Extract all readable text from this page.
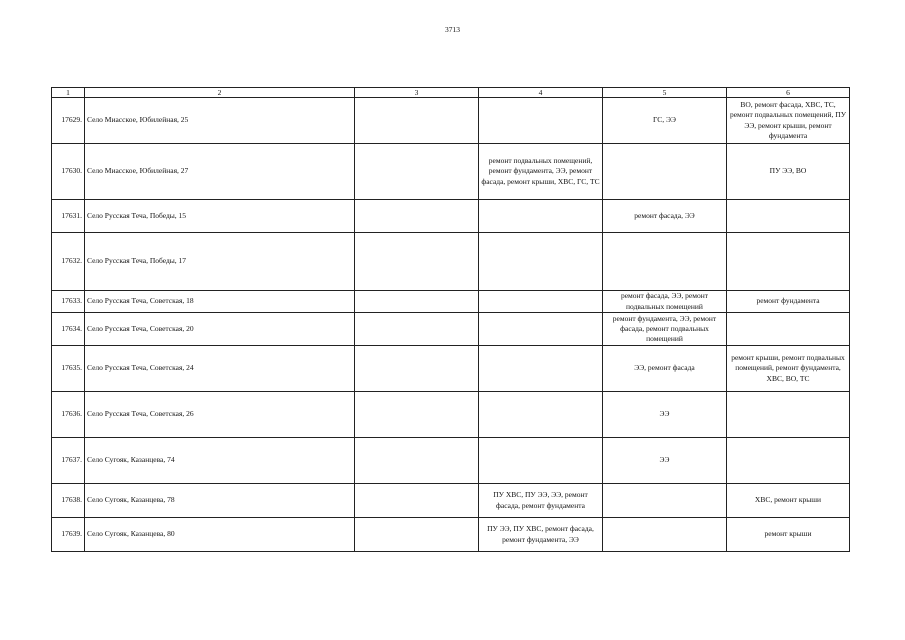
3713
1	2	3	4	5	6
17629.	Село Миасское, Юбилейная, 25			ГС, ЭЭ	ВО, ремонт фасада, ХВС, ТС, ремонт подвальных помещений, ПУ ЭЭ, ремонт крыши, ремонт фундамента
17630.	Село Миасское, Юбилейная, 27		ремонт подвальных помещений, ремонт фундамента, ЭЭ, ремонт фасада, ремонт крыши, ХВС, ГС, ТС		ПУ ЭЭ, ВО
17631.	Село Русская Теча, Победы, 15			ремонт фасада, ЭЭ	
17632.	Село Русская Теча, Победы, 17				
17633.	Село Русская Теча, Советская, 18			ремонт фасада, ЭЭ, ремонт подвальных помещений	ремонт фундамента
17634.	Село Русская Теча, Советская, 20			ремонт фундамента, ЭЭ, ремонт фасада, ремонт подвальных помещений	
17635.	Село Русская Теча, Советская, 24			ЭЭ, ремонт фасада	ремонт крыши, ремонт подвальных помещений, ремонт фундамента, ХВС, ВО, ТС
17636.	Село Русская Теча, Советская, 26			ЭЭ	
17637.	Село Сугояк, Казанцева, 74			ЭЭ	
17638.	Село Сугояк, Казанцева, 78		ПУ ХВС, ПУ ЭЭ, ЭЭ, ремонт фасада, ремонт фундамента		ХВС, ремонт крыши
17639.	Село Сугояк, Казанцева, 80		ПУ ЭЭ, ПУ ХВС, ремонт фасада, ремонт фундамента, ЭЭ		ремонт крыши
